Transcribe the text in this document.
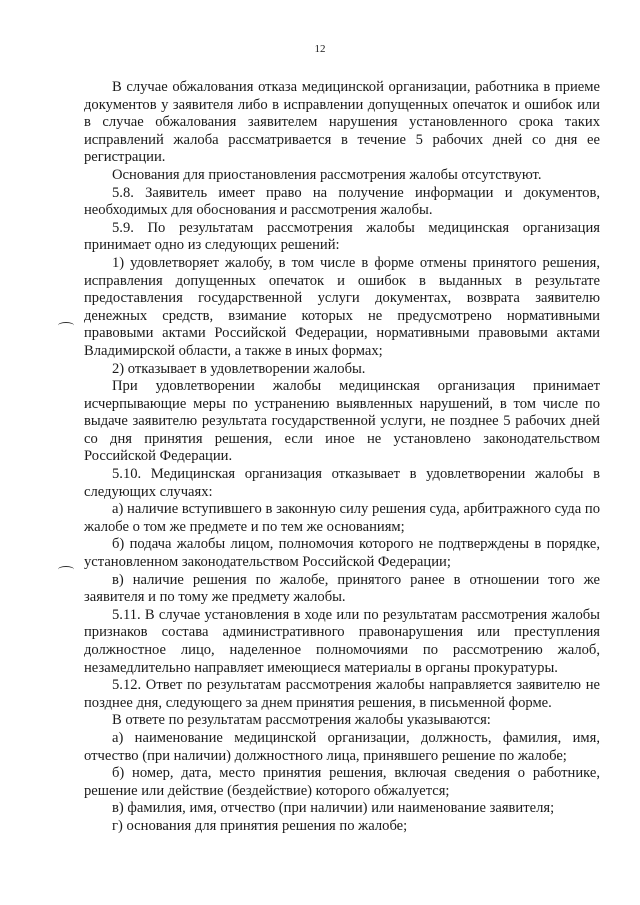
12

В случае обжалования отказа медицинской организации, работника в приеме документов у заявителя либо в исправлении допущенных опечаток и ошибок или в случае обжалования заявителем нарушения установленного срока таких исправлений жалоба рассматривается в течение 5 рабочих дней со дня ее регистрации.

Основания для приостановления рассмотрения жалобы отсутствуют.

5.8. Заявитель имеет право на получение информации и документов, необходимых для обоснования и рассмотрения жалобы.

5.9. По результатам рассмотрения жалобы медицинская организация принимает одно из следующих решений:

1) удовлетворяет жалобу, в том числе в форме отмены принятого решения, исправления допущенных опечаток и ошибок в выданных в результате предоставления государственной услуги документах, возврата заявителю денежных средств, взимание которых не предусмотрено нормативными правовыми актами Российской Федерации, нормативными правовыми актами Владимирской области, а также в иных формах;

2) отказывает в удовлетворении жалобы.

При удовлетворении жалобы медицинская организация принимает исчерпывающие меры по устранению выявленных нарушений, в том числе по выдаче заявителю результата государственной услуги, не позднее 5 рабочих дней со дня принятия решения, если иное не установлено законодательством Российской Федерации.

5.10. Медицинская организация отказывает в удовлетворении жалобы в следующих случаях:

а) наличие вступившего в законную силу решения суда, арбитражного суда по жалобе о том же предмете и по тем же основаниям;

б) подача жалобы лицом, полномочия которого не подтверждены в порядке, установленном законодательством Российской Федерации;

в) наличие решения по жалобе, принятого ранее в отношении того же заявителя и по тому же предмету жалобы.

5.11. В случае установления в ходе или по результатам рассмотрения жалобы признаков состава административного правонарушения или преступления должностное лицо, наделенное полномочиями по рассмотрению жалоб, незамедлительно направляет имеющиеся материалы в органы прокуратуры.

5.12. Ответ по результатам рассмотрения жалобы направляется заявителю не позднее дня, следующего за днем принятия решения, в письменной форме.

В ответе по результатам рассмотрения жалобы указываются:

а) наименование медицинской организации, должность, фамилия, имя, отчество (при наличии) должностного лица, принявшего решение по жалобе;

б) номер, дата, место принятия решения, включая сведения о работнике, решение или действие (бездействие) которого обжалуется;

в) фамилия, имя, отчество (при наличии) или наименование заявителя;

г) основания для принятия решения по жалобе;
